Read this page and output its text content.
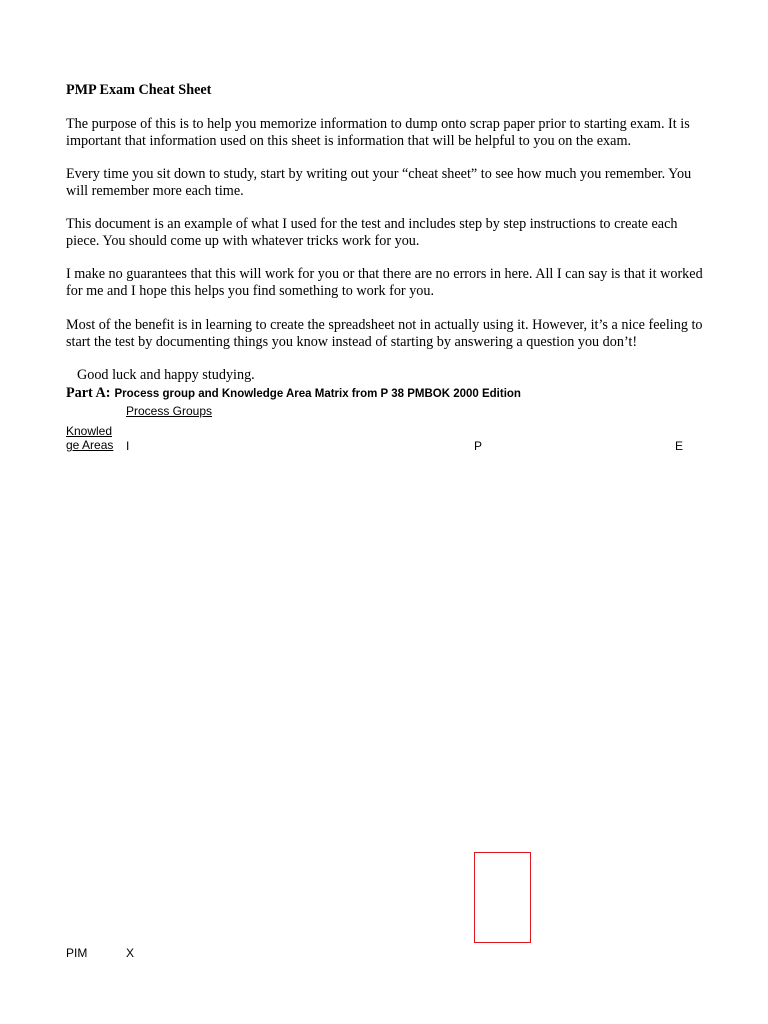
PMP Exam Cheat Sheet

The purpose of this is to help you memorize information to dump onto scrap paper prior to starting exam. It is important that information used on this sheet is information that will be helpful to you on the exam.

Every time you sit down to study, start by writing out your “cheat sheet” to see how much you remember. You will remember more each time.

This document is an example of what I used for the test and includes step by step instructions to create each piece. You should come up with whatever tricks work for you.

I make no guarantees that this will work for you or that there are no errors in here. All I can say is that it worked for me and I hope this helps you find something to work for you.

Most of the benefit is in learning to create the spreadsheet not in actually using it. However, it’s a nice feeling to start the test by documenting things you know instead of starting by answering a question you don’t!

Good luck and happy studying.
Part A: Process group and Knowledge Area Matrix from P 38 PMBOK 2000 Edition
Process Groups
Knowledge Areas	I	P	E
PIM	X
